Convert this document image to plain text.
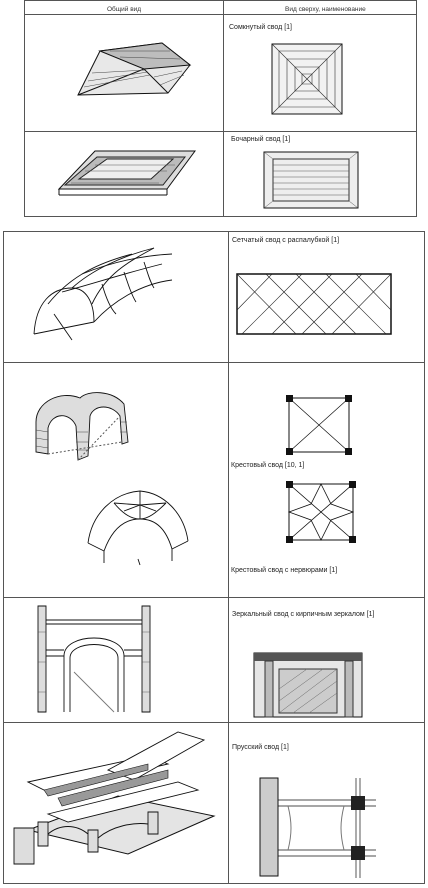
Общий вид	Вид сверху, наименование
Сомкнутый свод [1]
Бочарный свод [1]
Сетчатый свод с распалубкой [1]
Крестовый свод [10, 1]
Крестовый свод с нервюрами [1]
Зеркальный свод с кирпичным зеркалом [1]
Прусский свод [1]
